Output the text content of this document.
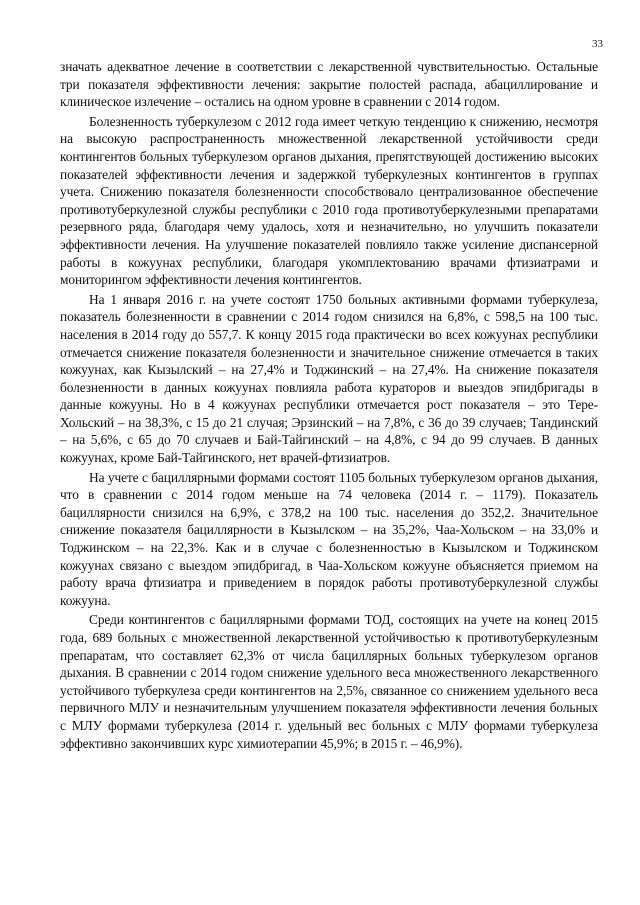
33

значать адекватное лечение в соответствии с лекарственной чувствительностью. Остальные три показателя эффективности лечения: закрытие полостей распада, абациллирование и клиническое излечение – остались на одном уровне в сравнении с 2014 годом.

Болезненность туберкулезом с 2012 года имеет четкую тенденцию к снижению, несмотря на высокую распространенность множественной лекарственной устойчивости среди контингентов больных туберкулезом органов дыхания, препятствующей достижению высоких показателей эффективности лечения и задержкой туберкулезных контингентов в группах учета. Снижению показателя болезненности способствовало централизованное обеспечение противотуберкулезной службы республики с 2010 года противотуберкулезными препаратами резервного ряда, благодаря чему удалось, хотя и незначительно, но улучшить показатели эффективности лечения. На улучшение показателей повлияло также усиление диспансерной работы в кожуунах республики, благодаря укомплектованию врачами фтизиатрами и мониторингом эффективности лечения контингентов.

На 1 января 2016 г. на учете состоят 1750 больных активными формами туберкулеза, показатель болезненности в сравнении с 2014 годом снизился на 6,8%, с 598,5 на 100 тыс. населения в 2014 году до 557,7. К концу 2015 года практически во всех кожуунах республики отмечается снижение показателя болезненности и значительное снижение отмечается в таких кожуунах, как Кызылский – на 27,4% и Тоджинский – на 27,4%. На снижение показателя болезненности в данных кожуунах повлияла работа кураторов и выездов эпидбригады в данные кожууны. Но в 4 кожуунах республики отмечается рост показателя – это Тере-Хольский – на 38,3%, с 15 до 21 случая; Эрзинский – на 7,8%, с 36 до 39 случаев; Тандинский – на 5,6%, с 65 до 70 случаев и Бай-Тайгинский – на 4,8%, с 94 до 99 случаев. В данных кожуунах, кроме Бай-Тайгинского, нет врачей-фтизиатров.

На учете с бациллярными формами состоят 1105 больных туберкулезом органов дыхания, что в сравнении с 2014 годом меньше на 74 человека (2014 г. – 1179). Показатель бациллярности снизился на 6,9%, с 378,2 на 100 тыс. населения до 352,2. Значительное снижение показателя бациллярности в Кызылском – на 35,2%, Чаа-Хольском – на 33,0% и Тоджинском – на 22,3%. Как и в случае с болезненностью в Кызылском и Тоджинском кожуунах связано с выездом эпидбригад, в Чаа-Хольском кожууне объясняется приемом на работу врача фтизиатра и приведением в порядок работы противотуберкулезной службы кожууна.

Среди контингентов с бациллярными формами ТОД, состоящих на учете на конец 2015 года, 689 больных с множественной лекарственной устойчивостью к противотуберкулезным препаратам, что составляет 62,3% от числа бациллярных больных туберкулезом органов дыхания. В сравнении с 2014 годом снижение удельного веса множественного лекарственного устойчивого туберкулеза среди контингентов на 2,5%, связанное со снижением удельного веса первичного МЛУ и незначительным улучшением показателя эффективности лечения больных с МЛУ формами туберкулеза (2014 г. удельный вес больных с МЛУ формами туберкулеза эффективно закончивших курс химиотерапии 45,9%; в 2015 г. – 46,9%).
